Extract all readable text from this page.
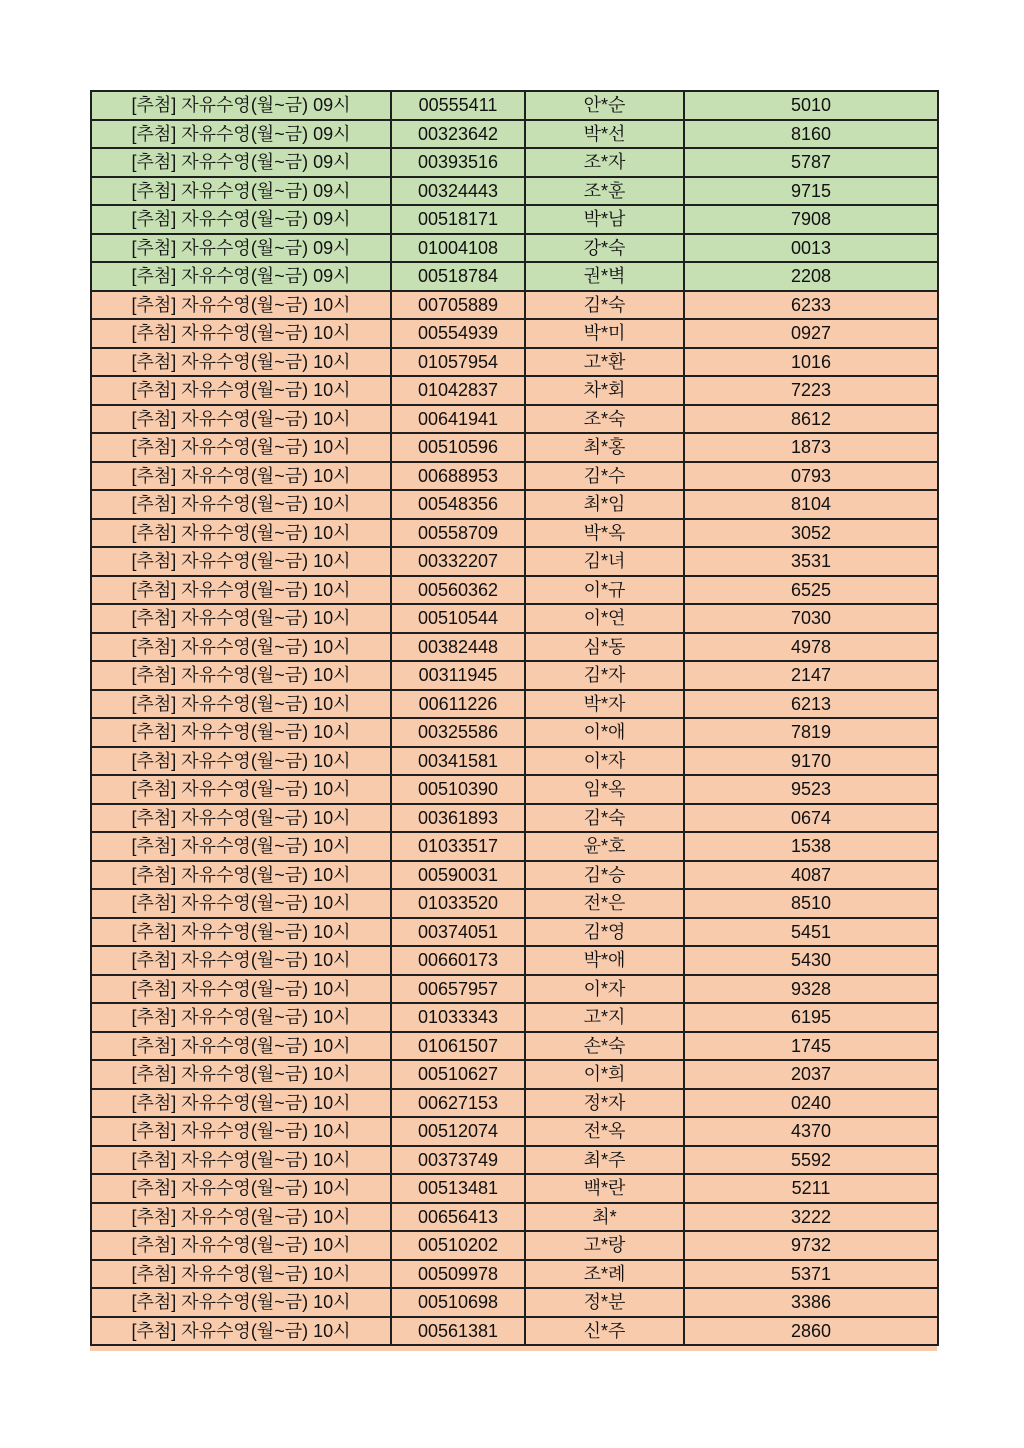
[추첨] 자유수영(월~금) 09시	00555411	안*순	5010
[추첨] 자유수영(월~금) 09시	00323642	박*선	8160
[추첨] 자유수영(월~금) 09시	00393516	조*자	5787
[추첨] 자유수영(월~금) 09시	00324443	조*훈	9715
[추첨] 자유수영(월~금) 09시	00518171	박*남	7908
[추첨] 자유수영(월~금) 09시	01004108	강*숙	0013
[추첨] 자유수영(월~금) 09시	00518784	권*벽	2208
[추첨] 자유수영(월~금) 10시	00705889	김*숙	6233
[추첨] 자유수영(월~금) 10시	00554939	박*미	0927
[추첨] 자유수영(월~금) 10시	01057954	고*환	1016
[추첨] 자유수영(월~금) 10시	01042837	차*회	7223
[추첨] 자유수영(월~금) 10시	00641941	조*숙	8612
[추첨] 자유수영(월~금) 10시	00510596	최*홍	1873
[추첨] 자유수영(월~금) 10시	00688953	김*수	0793
[추첨] 자유수영(월~금) 10시	00548356	최*임	8104
[추첨] 자유수영(월~금) 10시	00558709	박*옥	3052
[추첨] 자유수영(월~금) 10시	00332207	김*녀	3531
[추첨] 자유수영(월~금) 10시	00560362	이*규	6525
[추첨] 자유수영(월~금) 10시	00510544	이*연	7030
[추첨] 자유수영(월~금) 10시	00382448	심*동	4978
[추첨] 자유수영(월~금) 10시	00311945	김*자	2147
[추첨] 자유수영(월~금) 10시	00611226	박*자	6213
[추첨] 자유수영(월~금) 10시	00325586	이*애	7819
[추첨] 자유수영(월~금) 10시	00341581	이*자	9170
[추첨] 자유수영(월~금) 10시	00510390	임*옥	9523
[추첨] 자유수영(월~금) 10시	00361893	김*숙	0674
[추첨] 자유수영(월~금) 10시	01033517	윤*호	1538
[추첨] 자유수영(월~금) 10시	00590031	김*승	4087
[추첨] 자유수영(월~금) 10시	01033520	전*은	8510
[추첨] 자유수영(월~금) 10시	00374051	김*영	5451
[추첨] 자유수영(월~금) 10시	00660173	박*애	5430
[추첨] 자유수영(월~금) 10시	00657957	이*자	9328
[추첨] 자유수영(월~금) 10시	01033343	고*지	6195
[추첨] 자유수영(월~금) 10시	01061507	손*숙	1745
[추첨] 자유수영(월~금) 10시	00510627	이*희	2037
[추첨] 자유수영(월~금) 10시	00627153	정*자	0240
[추첨] 자유수영(월~금) 10시	00512074	전*옥	4370
[추첨] 자유수영(월~금) 10시	00373749	최*주	5592
[추첨] 자유수영(월~금) 10시	00513481	백*란	5211
[추첨] 자유수영(월~금) 10시	00656413	최*	3222
[추첨] 자유수영(월~금) 10시	00510202	고*랑	9732
[추첨] 자유수영(월~금) 10시	00509978	조*례	5371
[추첨] 자유수영(월~금) 10시	00510698	정*분	3386
[추첨] 자유수영(월~금) 10시	00561381	신*주	2860
